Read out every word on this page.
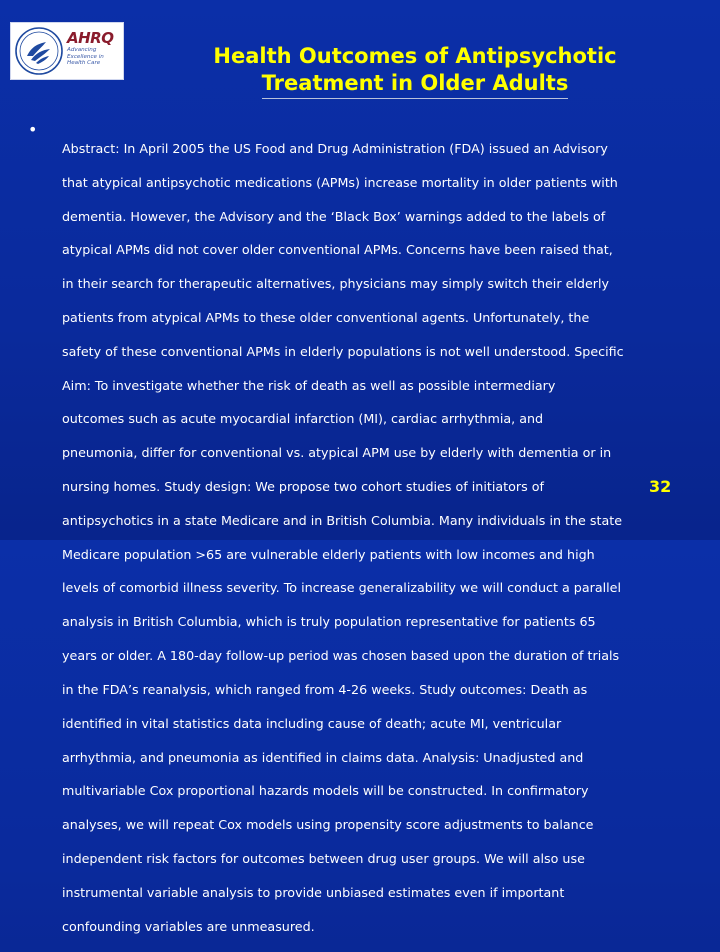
AHRQ
Advancing
Excellence in
Health Care	Health Outcomes of Antipsychotic
Treatment in Older Adults
•

Abstract: In April 2005 the US Food and Drug Administration (FDA) issued an Advisory

that atypical antipsychotic medications (APMs) increase mortality in older patients with

dementia. However, the Advisory and the ‘Black Box’ warnings added to the labels of

atypical APMs did not cover older conventional APMs. Concerns have been raised that,

in their search for therapeutic alternatives, physicians may simply switch their elderly

patients from atypical APMs to these older conventional agents. Unfortunately, the

safety of these conventional APMs in elderly populations is not well understood. Specific

Aim: To investigate whether the risk of death as well as possible intermediary

outcomes such as acute myocardial infarction (MI), cardiac arrhythmia, and

pneumonia, differ for conventional vs. atypical APM use by elderly with dementia or in

nursing homes. Study design: We propose two cohort studies of initiators of

antipsychotics in a state Medicare and in British Columbia. Many individuals in the state

Medicare population >65 are vulnerable elderly patients with low incomes and high

levels of comorbid illness severity. To increase generalizability we will conduct a parallel

analysis in British Columbia, which is truly population representative for patients 65

years or older. A 180-day follow-up period was chosen based upon the duration of trials

in the FDA’s reanalysis, which ranged from 4-26 weeks. Study outcomes: Death as

identified in vital statistics data including cause of death; acute MI, ventricular

arrhythmia, and pneumonia as identified in claims data. Analysis: Unadjusted and

multivariable Cox proportional hazards models will be constructed. In confirmatory

analyses, we will repeat Cox models using propensity score adjustments to balance

independent risk factors for outcomes between drug user groups. We will also use

instrumental variable analysis to provide unbiased estimates even if important

confounding variables are unmeasured.

32
